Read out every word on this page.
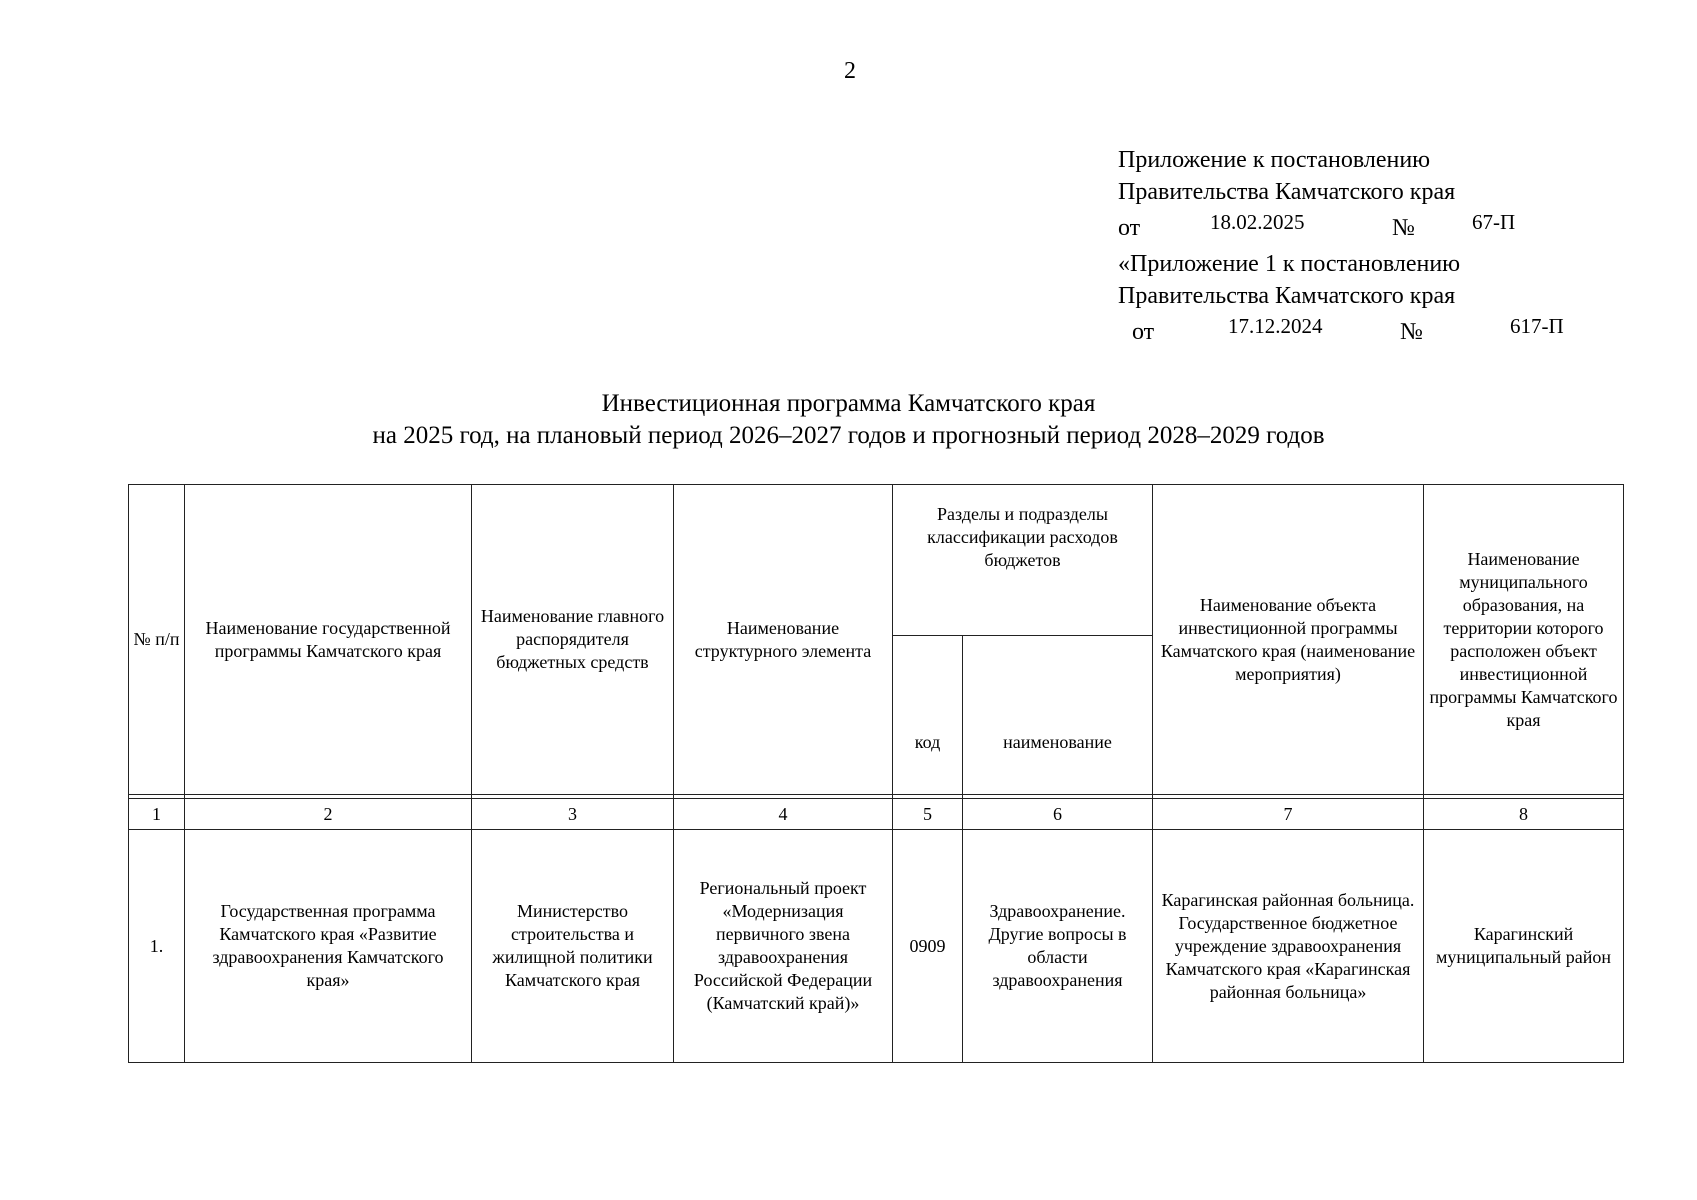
2
Приложение к постановлению
Правительства Камчатского края
от	18.02.2025	№	67-П
«Приложение 1 к постановлению
Правительства Камчатского края
от	17.12.2024	№	617-П
Инвестиционная программа Камчатского края
на 2025 год, на плановый период 2026–2027 годов и прогнозный период 2028–2029 годов
№ п/п	Наименование государственной программы Камчатского края	Наименование главного распорядителя бюджетных средств	Наименование структурного элемента	Разделы и подразделы классификации расходов бюджетов		Наименование объекта инвестиционной программы Камчатского края (наименование мероприятия)	Наименование муниципального образования, на территории которого расположен объект инвестиционной программы Камчатского края
				код	наименование		

1	2	3	4	5	6	7	8
1.	Государственная программа Камчатского края «Развитие здравоохранения Камчатского края»	Министерство строительства и жилищной политики Камчатского края	Региональный проект «Модернизация первичного звена здравоохранения Российской Федерации (Камчатский край)»	0909	Здравоохранение. Другие вопросы в области здравоохранения	Карагинская районная больница. Государственное бюджетное учреждение здравоохранения Камчатского края «Карагинская районная больница»	Карагинский муниципальный район
